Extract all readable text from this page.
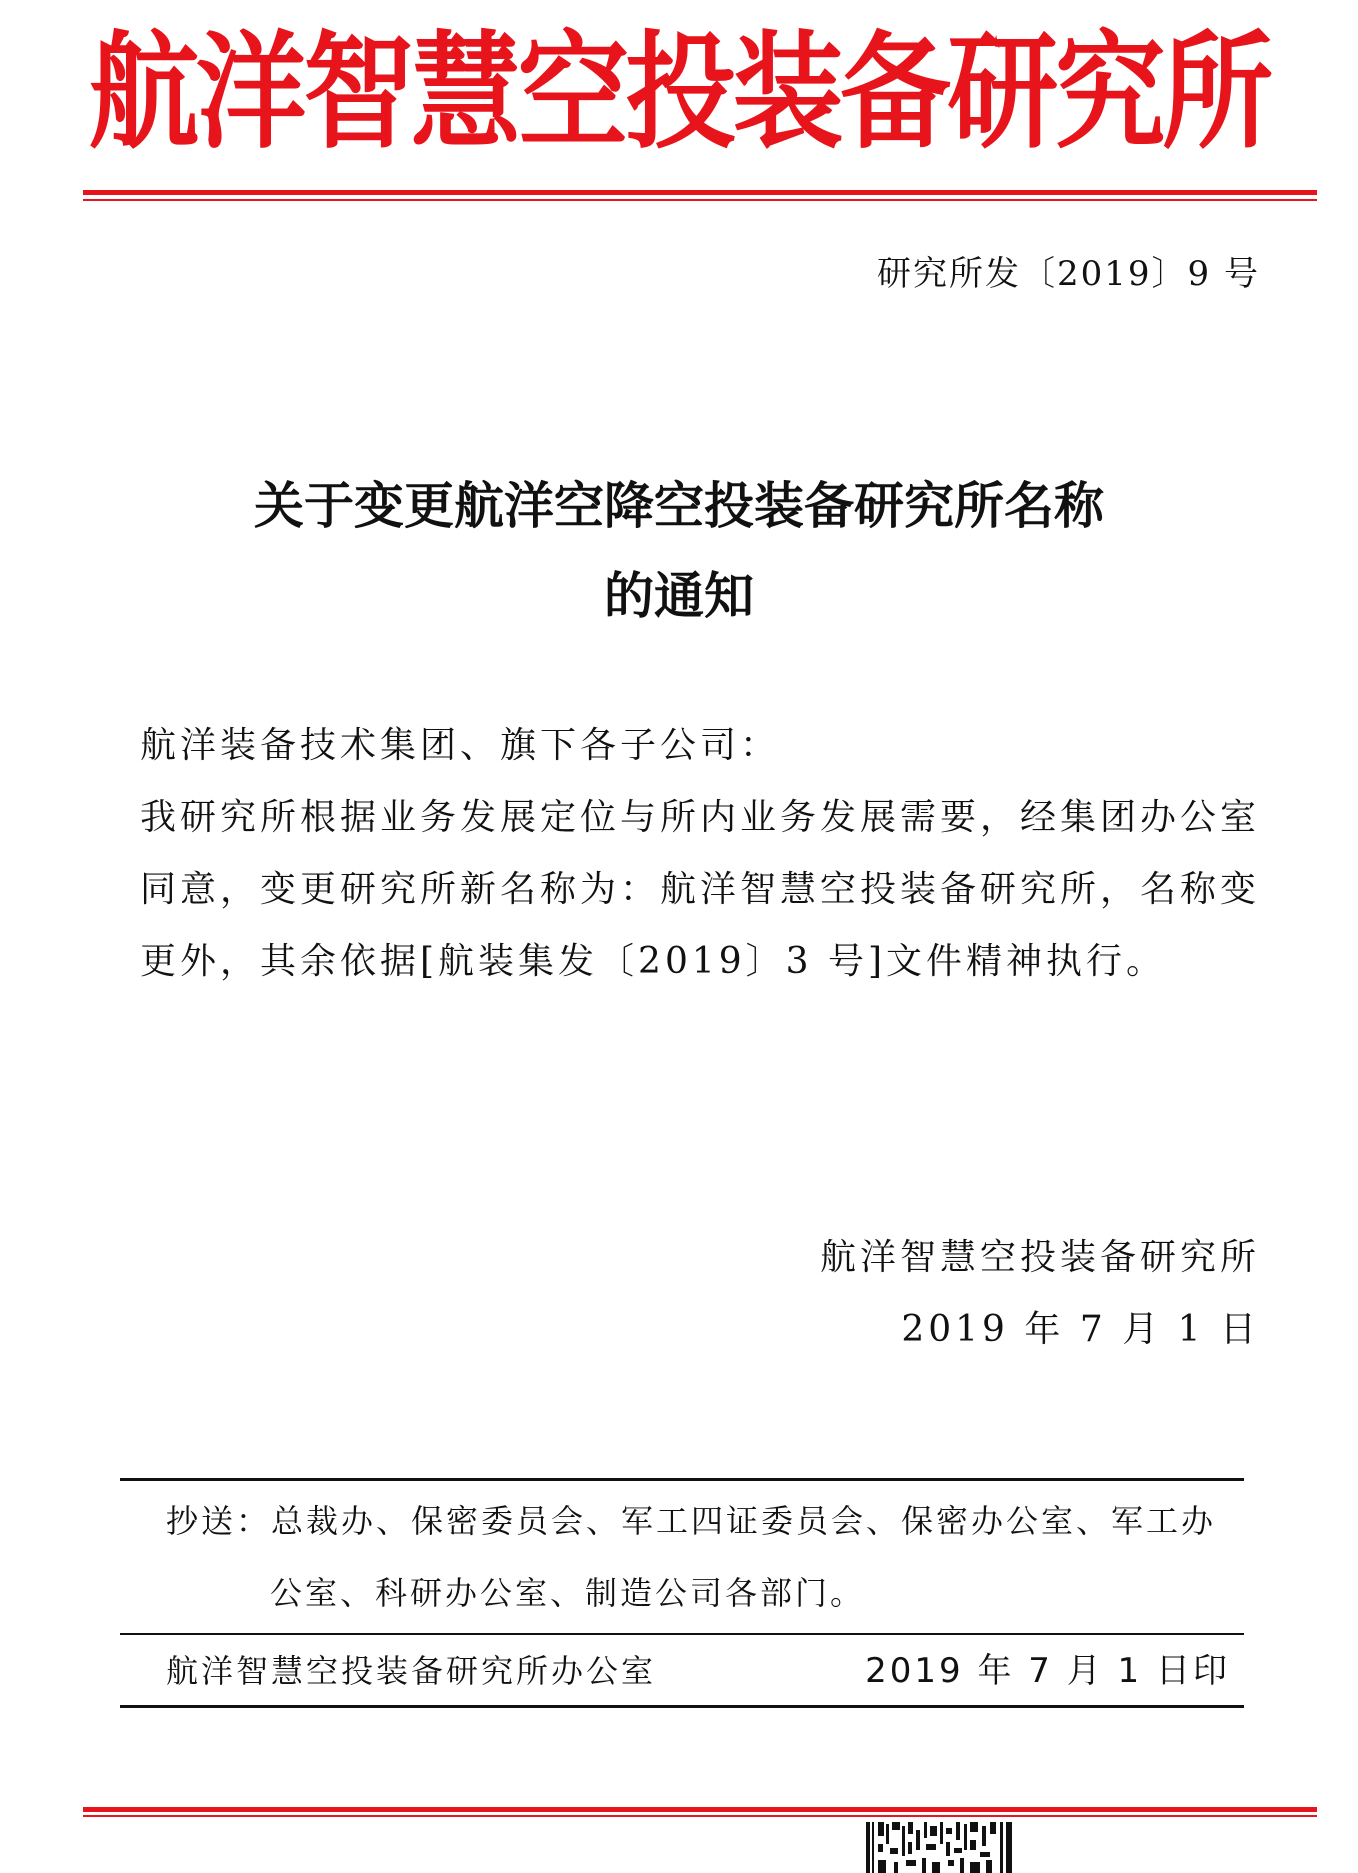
航洋智慧空投装备研究所
研究所发〔2019〕9 号
关于变更航洋空降空投装备研究所名称
的通知
航洋装备技术集团、旗下各子公司：
我研究所根据业务发展定位与所内业务发展需要，经集团办公室
同意，变更研究所新名称为：航洋智慧空投装备研究所，名称变
更外，其余依据[航装集发〔2019〕3 号]文件精神执行。
航洋智慧空投装备研究所
2019 年 7 月 1 日
抄送：总裁办、保密委员会、军工四证委员会、保密办公室、军工办
公室、科研办公室、制造公司各部门。
航洋智慧空投装备研究所办公室	2019 年 7 月 1 日印
